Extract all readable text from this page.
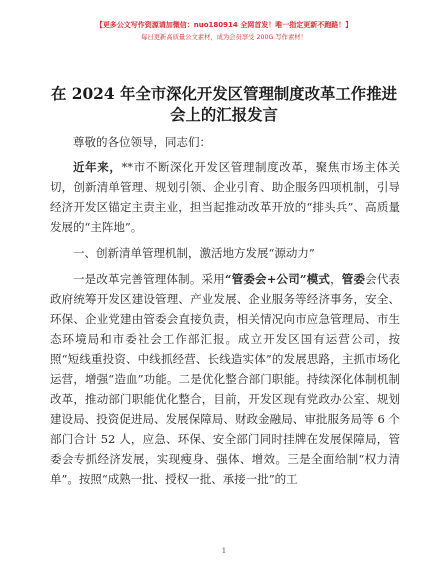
【更多公文写作资源请加微信：nuo180914 全网首发！唯一指定更新不跑路！】
每日更新高质量公文素材，成为会员享受 200G 写作素材！
在 2024 年全市深化开发区管理制度改革工作推进会上的汇报发言

尊敬的各位领导，同志们：

近年来，**市不断深化开发区管理制度改革，聚焦市场主体关切，创新清单管理、规划引领、企业引育、助企服务四项机制，引导经济开发区锚定主责主业，担当起推动改革开放的“排头兵”、高质量发展的“主阵地”。

一、创新清单管理机制，激活地方发展“源动力”

一是改革完善管理体制。采用“管委会+公司”模式，管委会代表政府统筹开发区建设管理、产业发展、企业服务等经济事务，安全、环保、企业党建由管委会直接负责，相关情况向市应急管理局、市生态环境局和市委社会工作部汇报。成立开发区国有运营公司，按照“短线重投资、中线抓经营、长线造实体”的发展思路，主抓市场化运营，增强“造血”功能。二是优化整合部门职能。持续深化体制机制改革，推动部门职能优化整合，目前，开发区现有党政办公室、规划建设局、投资促进局、发展保障局、财政金融局、审批服务局等 6 个部门合计 52 人，应急、环保、安全部门同时挂牌在发展保障局，管委会专抓经济发展，实现瘦身、强体、增效。三是全面给制“权力清单”。按照“成熟一批、授权一批、承接一批”的工

1
